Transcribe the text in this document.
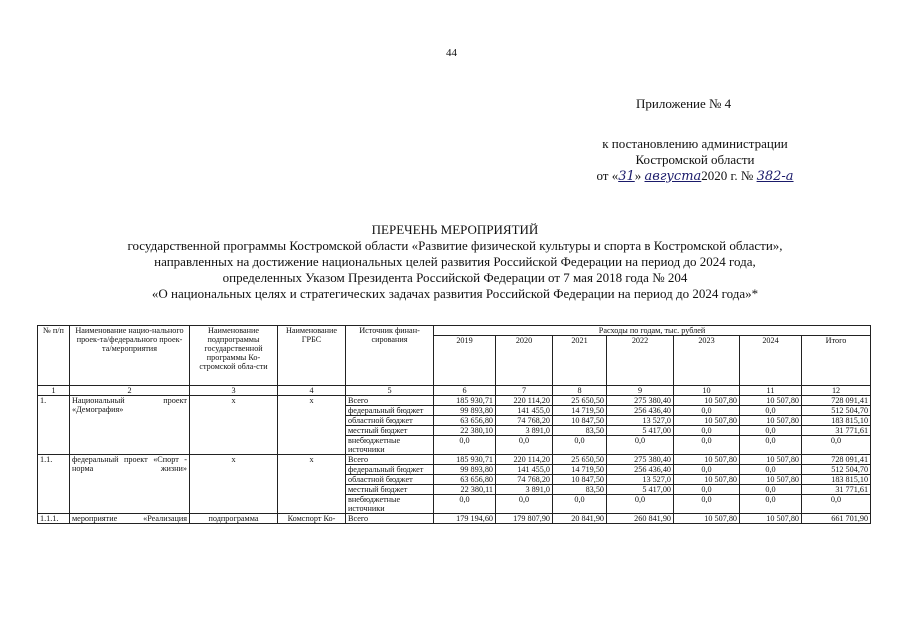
44
Приложение № 4
к постановлению администрации
Костромской области
от «31» августа2020 г. № 382-а
ПЕРЕЧЕНЬ МЕРОПРИЯТИЙ
государственной программы Костромской области «Развитие физической культуры и спорта в Костромской области»,
направленных на достижение национальных целей развития Российской Федерации на период до 2024 года,
определенных Указом Президента Российской Федерации от 7 мая 2018 года № 204
«О национальных целях и стратегических задачах развития Российской Федерации на период до 2024 года»*
№ п/п	Наименование нацио-нального проек-та/федерального проек-та/мероприятия	Наименование подпрограммы государственной программы Ко-стромской обла-сти	Наименование ГРБС	Источник финан-сирования	Расходы по годам, тыс. рублей						
					2019	2020	2021	2022	2023	2024	Итого
1	2	3	4	5	6	7	8	9	10	11	12
1.	Национальный проект «Демография»	х	х	Всего	185 930,71	220 114,20	25 650,50	275 380,40	10 507,80	10 507,80	728 091,41
				федеральный бюджет	99 893,80	141 455,0	14 719,50	256 436,40	0,0	0,0	512 504,70
				областной бюджет	63 656,80	74 768,20	10 847,50	13 527,0	10 507,80	10 507,80	183 815,10
				местный бюджет	22 380,10	3 891,0	83,50	5 417,00	0,0	0,0	31 771,61
				внебюджетные источники	0,0	0,0	0,0	0,0	0,0	0,0	0,0
1.1.	федеральный проект «Спорт - норма жизни»	х	х	Всего	185 930,71	220 114,20	25 650,50	275 380,40	10 507,80	10 507,80	728 091,41
				федеральный бюджет	99 893,80	141 455,0	14 719,50	256 436,40	0,0	0,0	512 504,70
				областной бюджет	63 656,80	74 768,20	10 847,50	13 527,0	10 507,80	10 507,80	183 815,10
				местный бюджет	22 380,11	3 891,0	83,50	5 417,00	0,0	0,0	31 771,61
				внебюджетные источники	0,0	0,0	0,0	0,0	0,0	0,0	0,0
1.1.1.	мероприятие «Реализация	подпрограмма	Комспорт Ко-	Всего	179 194,60	179 807,90	20 841,90	260 841,90	10 507,80	10 507,80	661 701,90
